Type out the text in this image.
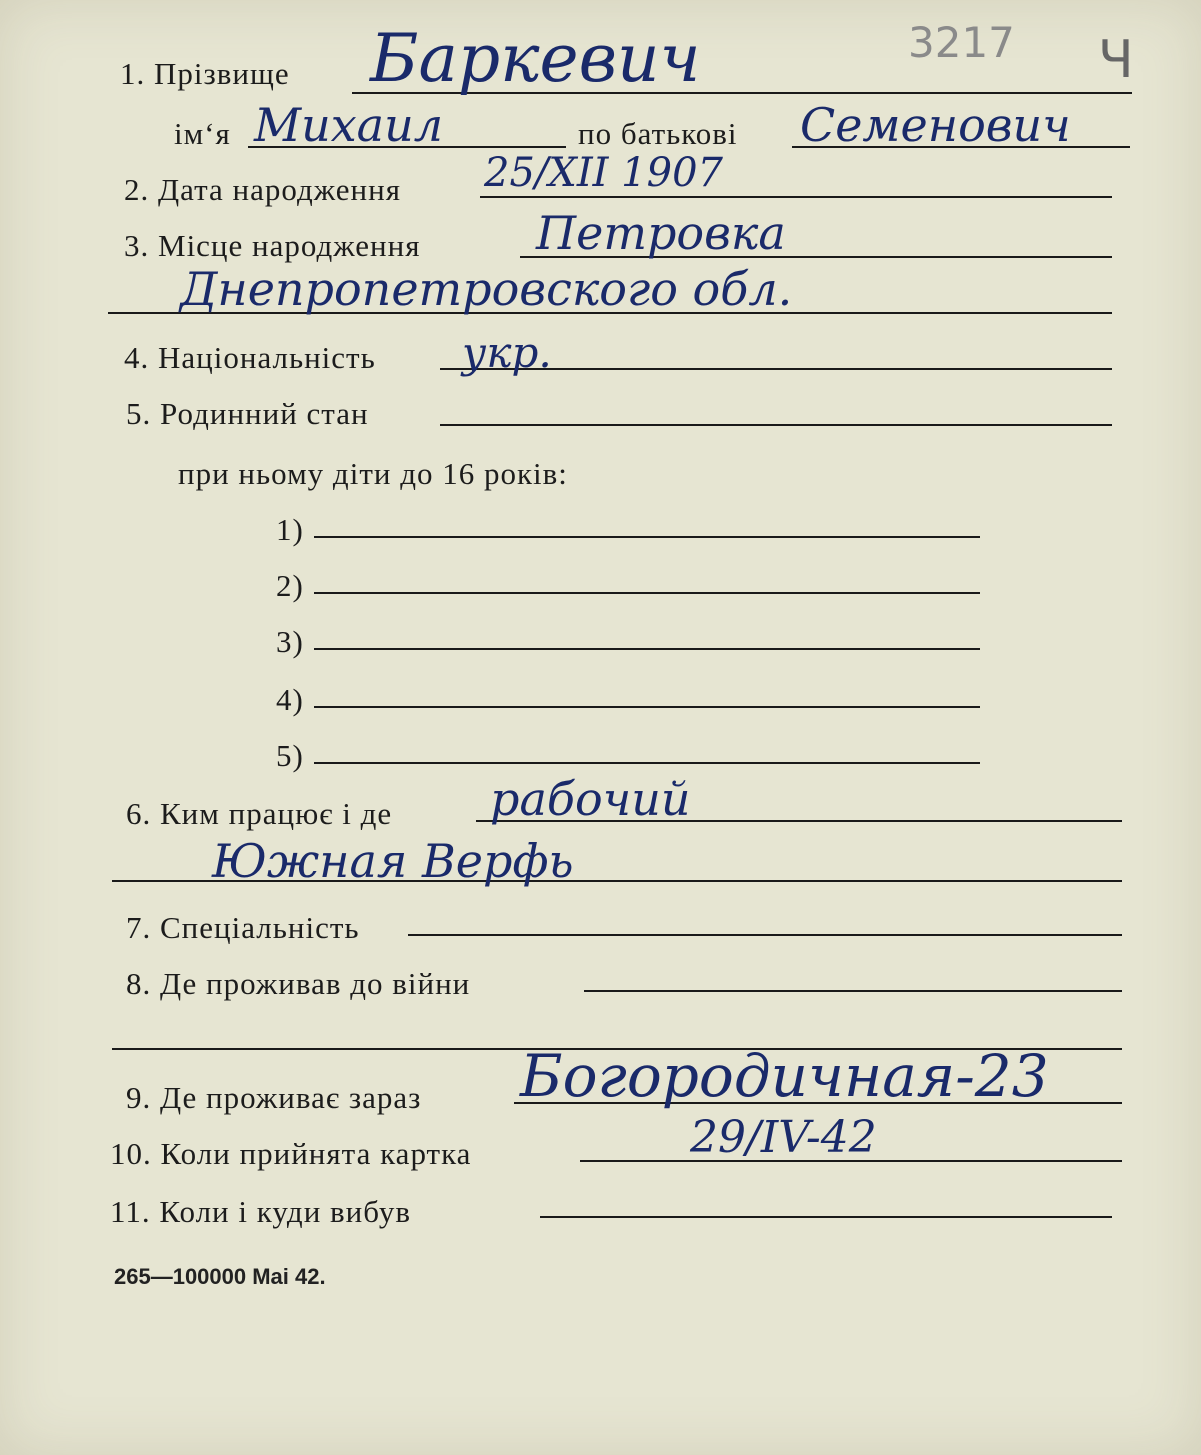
3217 Ч
1. Прізвище Баркевич
ім‘я Михаил	по батькові Семенович
2. Дата народження 25/XII 1907
3. Місце народження	Петровка
Днепропетровского обл.
4. Національність укр.
5. Родинний стан
при ньому діти до 16 років:
1)
2)
3)
4)
5)
6. Ким працює і де рабочий
Южная Верфь
7. Спеціальність
8. Де проживав до війни
9. Де проживає зараз Богородичная-23
10. Коли прийнята картка	29/IV-42
11. Коли і куди вибув
265—100000 Mai 42.
